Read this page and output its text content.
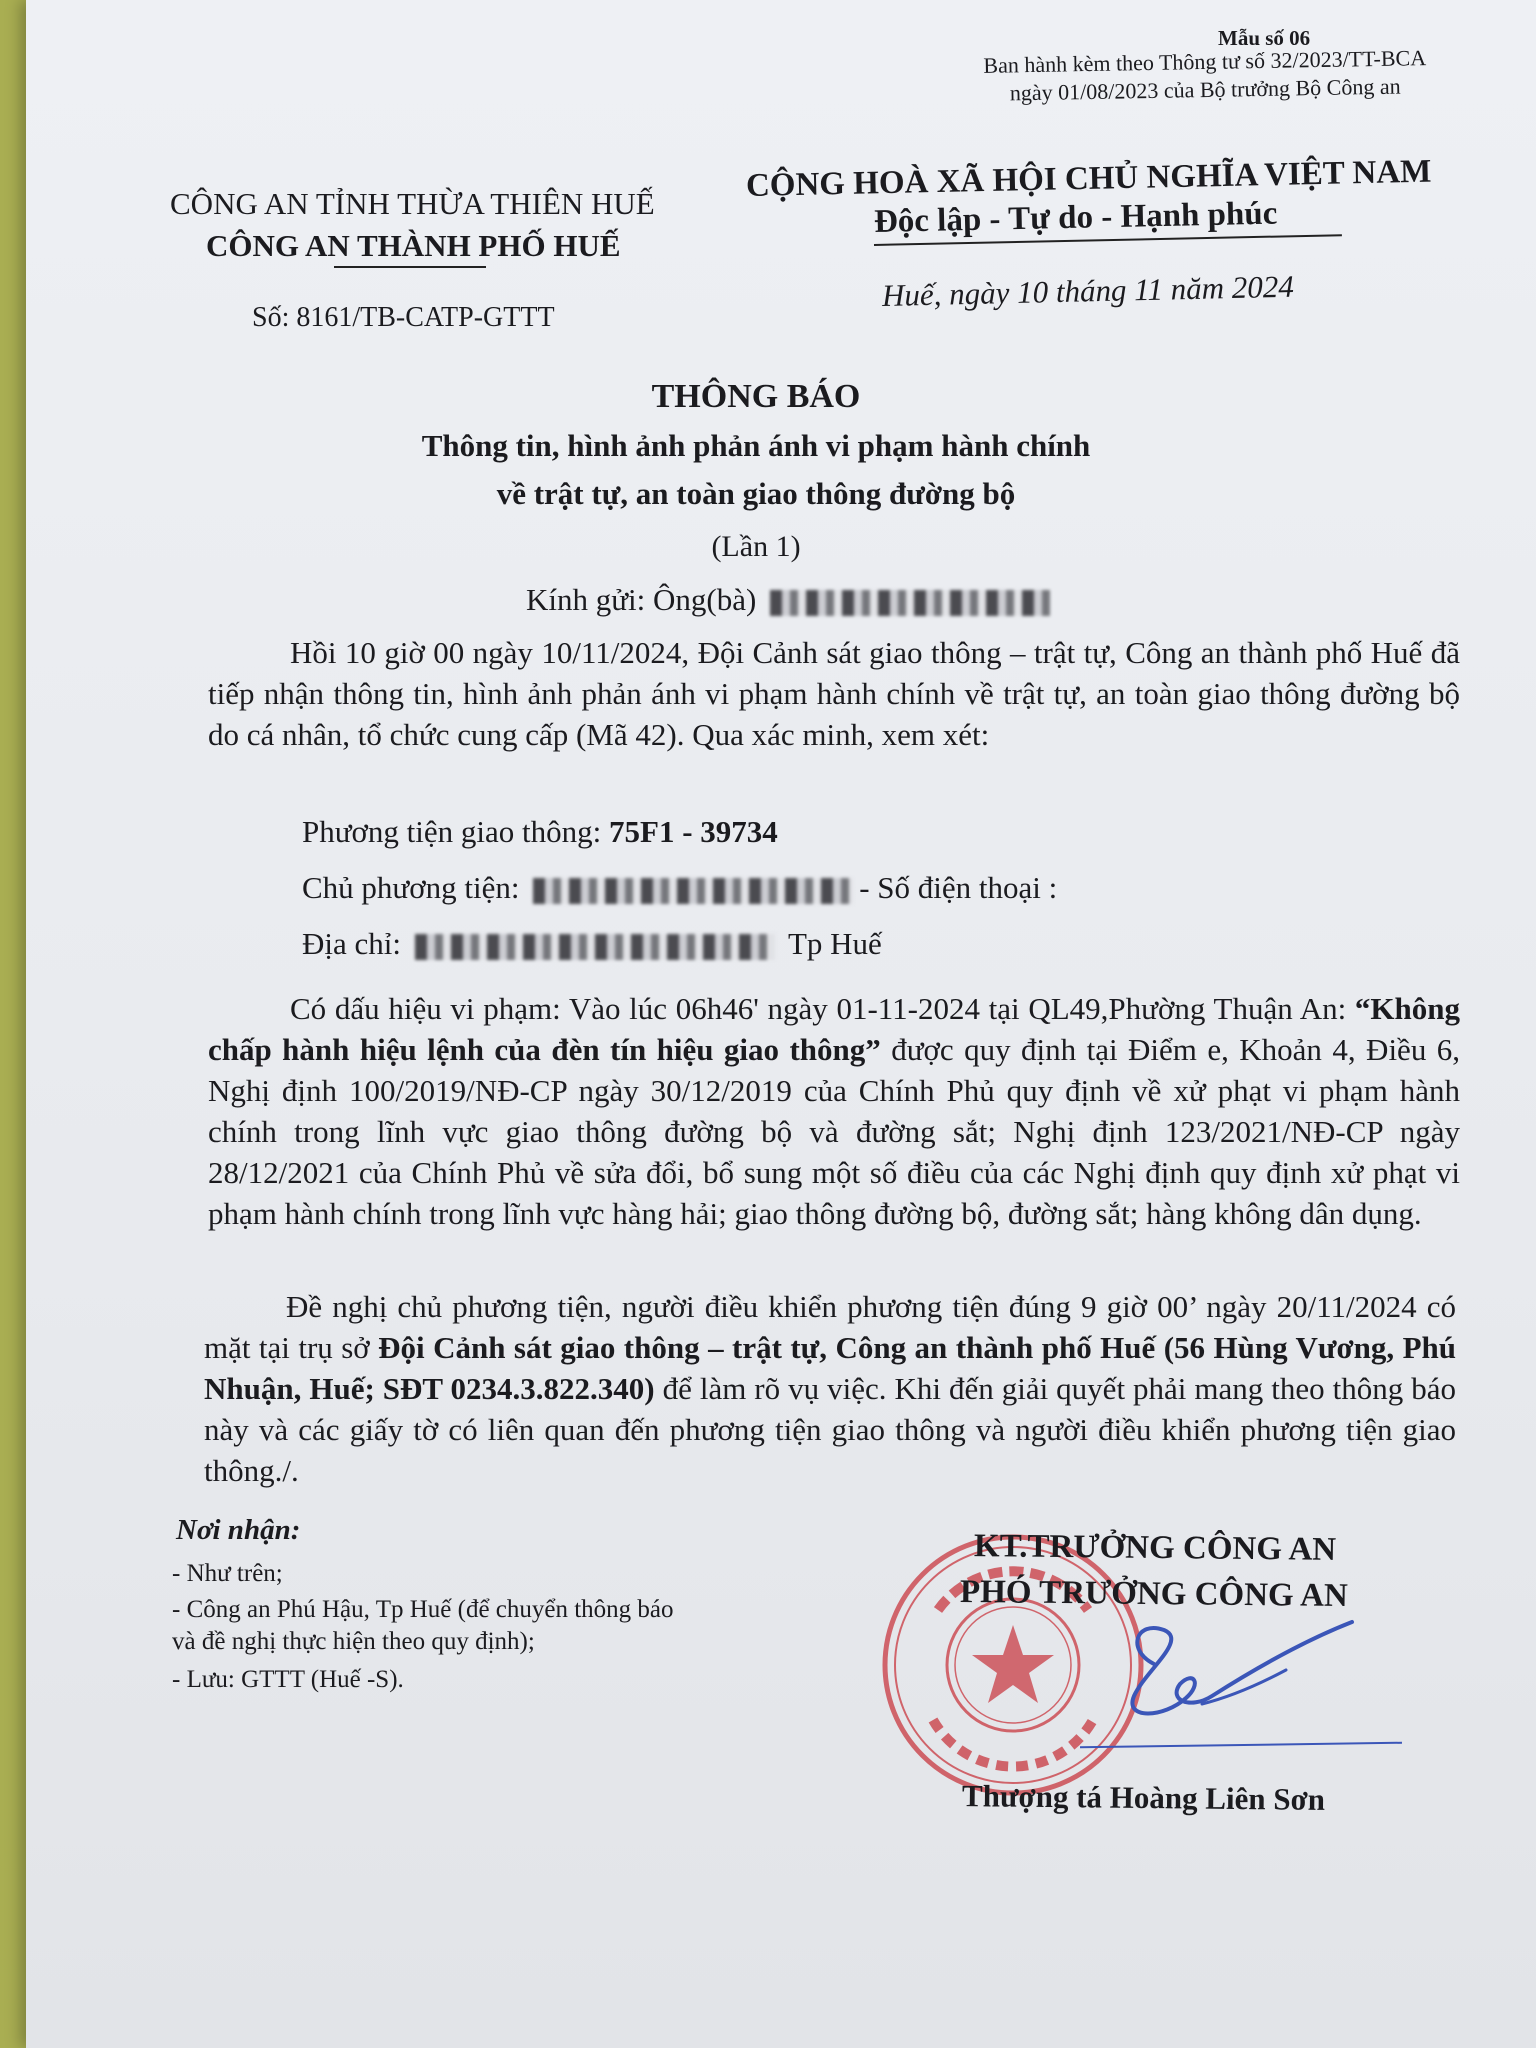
Mẫu số 06
Ban hành kèm theo Thông tư số 32/2023/TT-BCA
ngày 01/08/2023 của Bộ trưởng Bộ Công an
CÔNG AN TỈNH THỪA THIÊN HUẾ
CÔNG AN THÀNH PHỐ HUẾ
CỘNG HOÀ XÃ HỘI CHỦ NGHĨA VIỆT NAM
Độc lập - Tự do - Hạnh phúc
Số: 8161/TB-CATP-GTTT
Huế, ngày 10 tháng 11 năm 2024
THÔNG BÁO
Thông tin, hình ảnh phản ánh vi phạm hành chính
về trật tự, an toàn giao thông đường bộ
(Lần 1)
Kính gửi: Ông(bà)
Hồi 10 giờ 00 ngày 10/11/2024, Đội Cảnh sát giao thông – trật tự, Công an thành phố Huế đã tiếp nhận thông tin, hình ảnh phản ánh vi phạm hành chính về trật tự, an toàn giao thông đường bộ do cá nhân, tổ chức cung cấp (Mã 42). Qua xác minh, xem xét:
Phương tiện giao thông: 75F1 - 39734
Chủ phương tiện:	- Số điện thoại :
Địa chỉ:	Tp Huế
Có dấu hiệu vi phạm: Vào lúc 06h46' ngày 01-11-2024 tại QL49,Phường Thuận An: “Không chấp hành hiệu lệnh của đèn tín hiệu giao thông” được quy định tại Điểm e, Khoản 4, Điều 6, Nghị định 100/2019/NĐ-CP ngày 30/12/2019 của Chính Phủ quy định về xử phạt vi phạm hành chính trong lĩnh vực giao thông đường bộ và đường sắt; Nghị định 123/2021/NĐ-CP ngày 28/12/2021 của Chính Phủ về sửa đổi, bổ sung một số điều của các Nghị định quy định xử phạt vi phạm hành chính trong lĩnh vực hàng hải; giao thông đường bộ, đường sắt; hàng không dân dụng.
Đề nghị chủ phương tiện, người điều khiển phương tiện đúng 9 giờ 00’ ngày 20/11/2024 có mặt tại trụ sở Đội Cảnh sát giao thông – trật tự, Công an thành phố Huế (56 Hùng Vương, Phú Nhuận, Huế; SĐT 0234.3.822.340) để làm rõ vụ việc. Khi đến giải quyết phải mang theo thông báo này và các giấy tờ có liên quan đến phương tiện giao thông và người điều khiển phương tiện giao thông./.
Nơi nhận:
- Như trên;
- Công an Phú Hậu, Tp Huế (để chuyển thông báo
và đề nghị thực hiện theo quy định);
- Lưu: GTTT (Huế -S).
KT.TRƯỞNG CÔNG AN
PHÓ TRƯỞNG CÔNG AN
Thượng tá Hoàng Liên Sơn
